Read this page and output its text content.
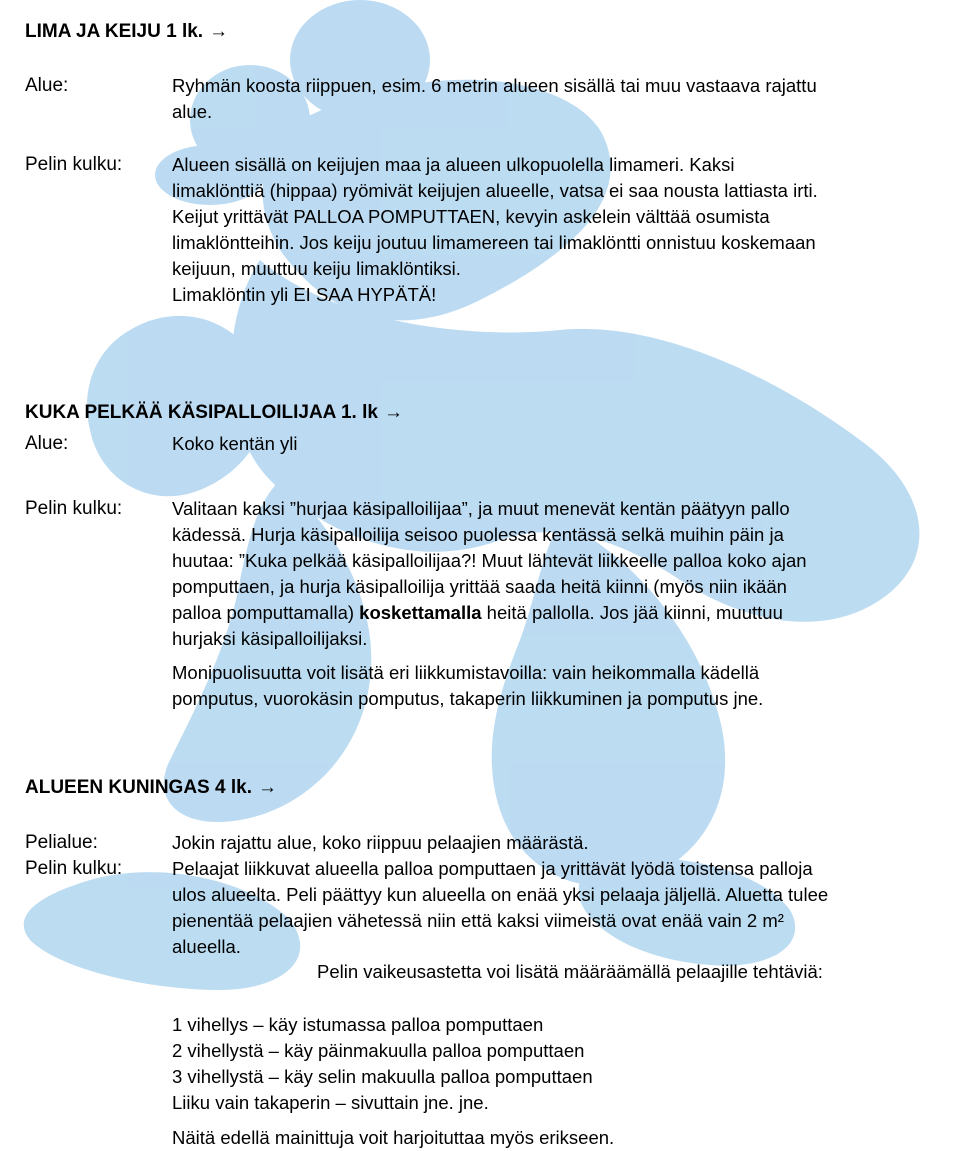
LIMA JA KEIJU 1 lk. →
Alue:	Ryhmän koosta riippuen, esim. 6 metrin alueen sisällä tai muu vastaava rajattu
alue.
Pelin kulku:	Alueen sisällä on keijujen maa ja alueen ulkopuolella limameri. Kaksi
limaklönttiä (hippaa) ryömivät keijujen alueelle, vatsa ei saa nousta lattiasta irti.
Keijut yrittävät PALLOA POMPUTTAEN, kevyin askelein välttää osumista
limaklöntteihin. Jos keiju joutuu limamereen tai limaklöntti onnistuu koskemaan
keijuun, muuttuu keiju limaklöntiksi.
Limaklöntin yli EI SAA HYPÄTÄ!
KUKA PELKÄÄ KÄSIPALLOILIJAA 1. lk →
Alue:	Koko kentän yli
Pelin kulku:	Valitaan kaksi ”hurjaa käsipalloilijaa”, ja muut menevät kentän päätyyn pallo
kädessä. Hurja käsipalloilija seisoo puolessa kentässä selkä muihin päin ja
huutaa: ”Kuka pelkää käsipalloilijaa?! Muut lähtevät liikkeelle palloa koko ajan
pomputtaen, ja hurja käsipalloilija yrittää saada heitä kiinni (myös niin ikään
palloa pomputtamalla) koskettamalla heitä pallolla. Jos jää kiinni, muuttuu
hurjaksi käsipalloilijaksi.
Monipuolisuutta voit lisätä eri liikkumistavoilla: vain heikommalla kädellä
pomputus, vuorokäsin pomputus, takaperin liikkuminen ja pomputus jne.
ALUEEN KUNINGAS 4 lk. →
Pelialue:	Jokin rajattu alue, koko riippuu pelaajien määrästä.
Pelin kulku:	Pelaajat liikkuvat alueella palloa pomputtaen ja yrittävät lyödä toistensa palloja
ulos alueelta. Peli päättyy kun alueella on enää yksi pelaaja jäljellä. Aluetta tulee
pienentää pelaajien vähetessä niin että kaksi viimeistä ovat enää vain 2 m²
alueella.
Pelin vaikeusastetta voi lisätä määräämällä pelaajille tehtäviä:
1 vihellys – käy istumassa palloa pomputtaen
2 vihellystä – käy päinmakuulla palloa pomputtaen
3 vihellystä – käy selin makuulla palloa pomputtaen
Liiku vain takaperin – sivuttain jne. jne.
Näitä edellä mainittuja voit harjoituttaa myös erikseen.
